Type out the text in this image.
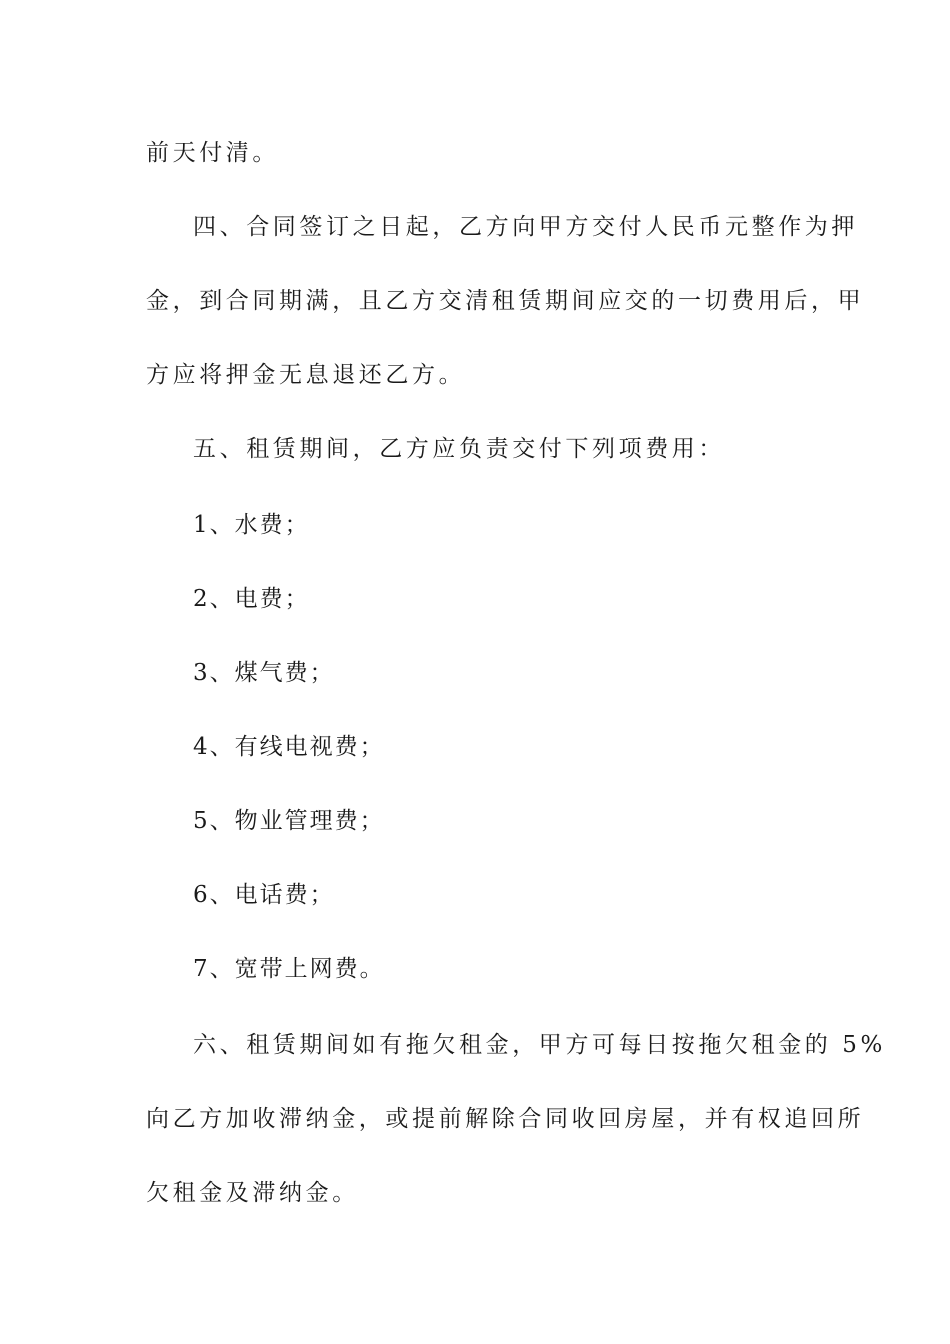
前天付清。
四、合同签订之日起，乙方向甲方交付人民币元整作为押
金，到合同期满，且乙方交清租赁期间应交的一切费用后，甲
方应将押金无息退还乙方。
五、租赁期间，乙方应负责交付下列项费用：
1、水费；
2、电费；
3、煤气费；
4、有线电视费；
5、物业管理费；
6、电话费；
7、宽带上网费。
六、租赁期间如有拖欠租金，甲方可每日按拖欠租金的 5%
向乙方加收滞纳金，或提前解除合同收回房屋，并有权追回所
欠租金及滞纳金。
